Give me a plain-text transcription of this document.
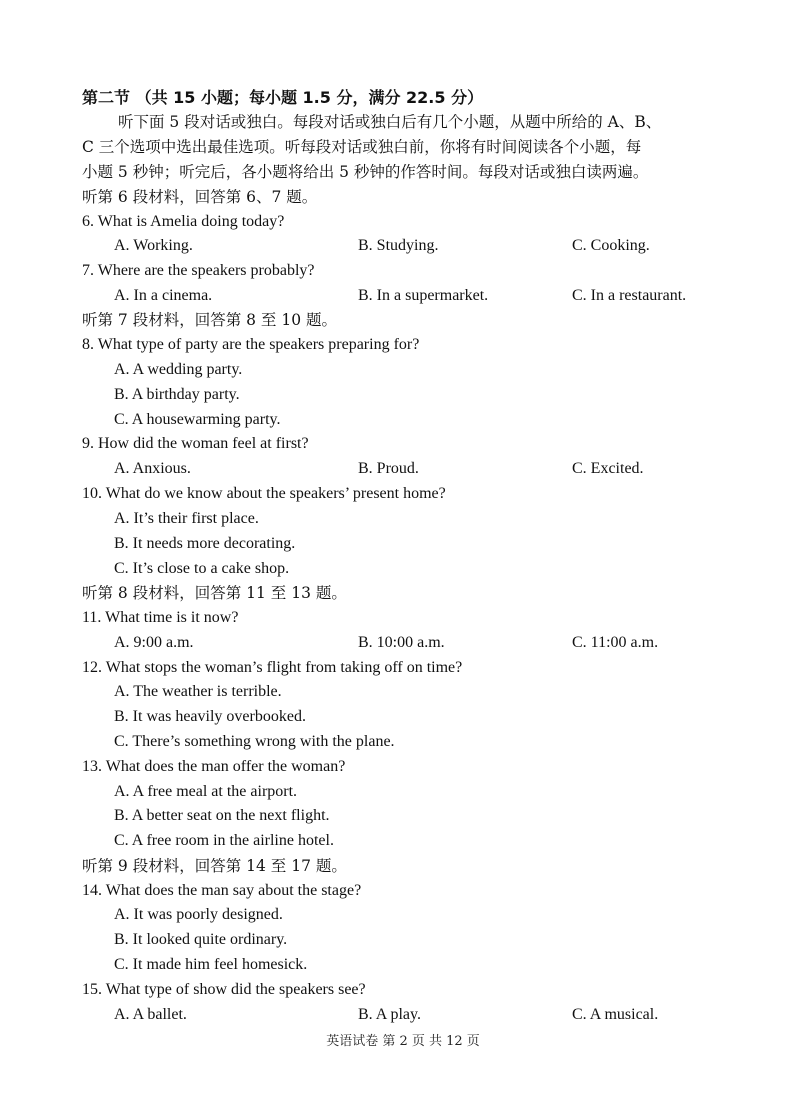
第二节 （共 15 小题；每小题 1.5 分，满分 22.5 分）
听下面 5 段对话或独白。每段对话或独白后有几个小题，从题中所给的 A、B、
C 三个选项中选出最佳选项。听每段对话或独白前，你将有时间阅读各个小题，每
小题 5 秒钟；听完后，各小题将给出 5 秒钟的作答时间。每段对话或独白读两遍。
听第 6 段材料，回答第 6、7 题。
6. What is Amelia doing today?
A. Working.	B. Studying.	C. Cooking.
7. Where are the speakers probably?
A. In a cinema.	B. In a supermarket.	C. In a restaurant.
听第 7 段材料，回答第 8 至 10 题。
8. What type of party are the speakers preparing for?
A. A wedding party.
B. A birthday party.
C. A housewarming party.
9. How did the woman feel at first?
A. Anxious.	B. Proud.	C. Excited.
10. What do we know about the speakers’ present home?
A. It’s their first place.
B. It needs more decorating.
C. It’s close to a cake shop.
听第 8 段材料，回答第 11 至 13 题。
11. What time is it now?
A. 9:00 a.m.	B. 10:00 a.m.	C. 11:00 a.m.
12. What stops the woman’s flight from taking off on time?
A. The weather is terrible.
B. It was heavily overbooked.
C. There’s something wrong with the plane.
13. What does the man offer the woman?
A. A free meal at the airport.
B. A better seat on the next flight.
C. A free room in the airline hotel.
听第 9 段材料，回答第 14 至 17 题。
14. What does the man say about the stage?
A. It was poorly designed.
B. It looked quite ordinary.
C. It made him feel homesick.
15. What type of show did the speakers see?
A. A ballet.	B. A play.	C. A musical.
英语试卷 第 2 页 共 12 页
